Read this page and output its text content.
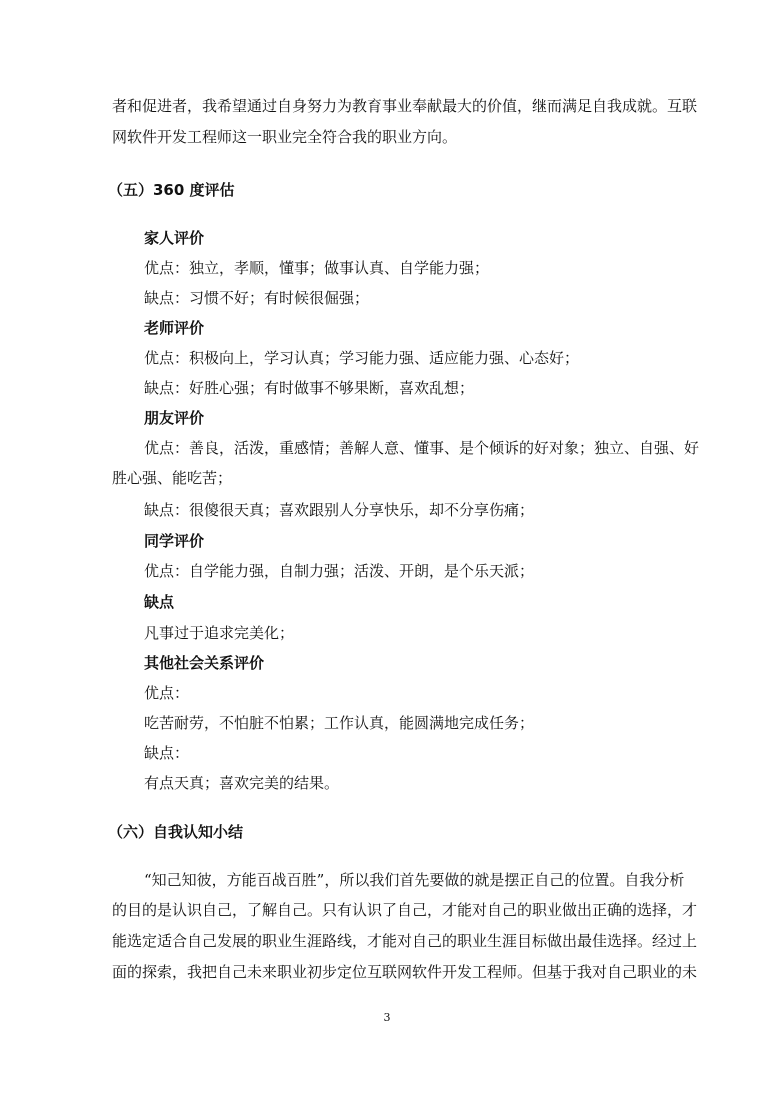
者和促进者，我希望通过自身努力为教育事业奉献最大的价值，继而满足自我成就。互联

网软件开发工程师这一职业完全符合我的职业方向。

（五）360 度评估

家人评价

优点：独立，孝顺，懂事；做事认真、自学能力强；

缺点：习惯不好；有时候很倔强；

老师评价

优点：积极向上，学习认真；学习能力强、适应能力强、心态好；

缺点：好胜心强；有时做事不够果断，喜欢乱想；

朋友评价

优点：善良，活泼，重感情；善解人意、懂事、是个倾诉的好对象；独立、自强、好

胜心强、能吃苦；

缺点：很傻很天真；喜欢跟别人分享快乐，却不分享伤痛；

同学评价

优点：自学能力强，自制力强；活泼、开朗，是个乐天派；

缺点

凡事过于追求完美化；

其他社会关系评价

优点：

吃苦耐劳，不怕脏不怕累；工作认真，能圆满地完成任务；

缺点：

有点天真；喜欢完美的结果。

（六）自我认知小结

“知己知彼，方能百战百胜”，所以我们首先要做的就是摆正自己的位置。自我分析

的目的是认识自己，了解自己。只有认识了自己，才能对自己的职业做出正确的选择，才

能选定适合自己发展的职业生涯路线，才能对自己的职业生涯目标做出最佳选择。经过上

面的探索，我把自己未来职业初步定位互联网软件开发工程师。但基于我对自己职业的未

3
